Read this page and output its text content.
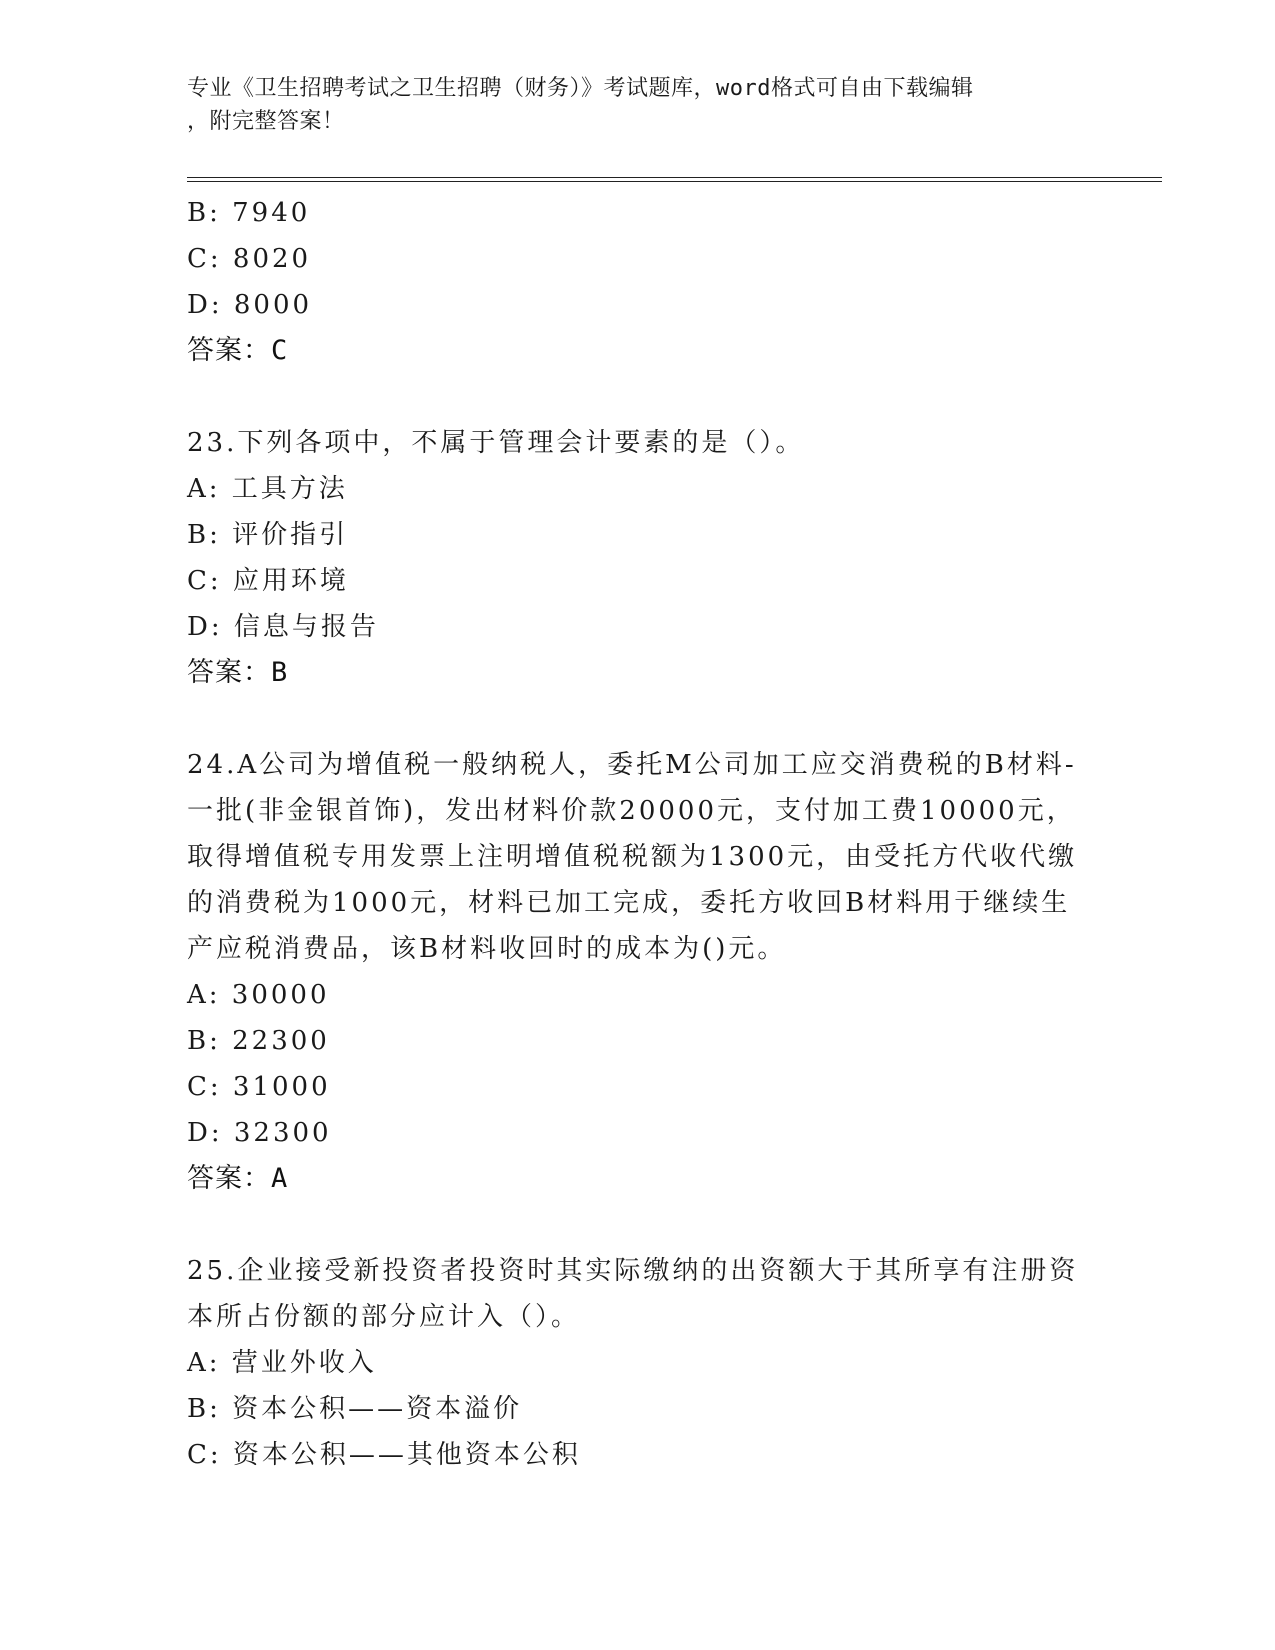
专业《卫生招聘考试之卫生招聘（财务）》考试题库，word格式可自由下载编辑
，附完整答案！
B: 7940
C: 8020
D: 8000
答案：C
23.下列各项中，不属于管理会计要素的是（）。
A: 工具方法
B: 评价指引
C: 应用环境
D: 信息与报告
答案：B
24.A公司为增值税一般纳税人，委托M公司加工应交消费税的B材料-
一批(非金银首饰)，发出材料价款20000元，支付加工费10000元，
取得增值税专用发票上注明增值税税额为1300元，由受托方代收代缴
的消费税为1000元，材料已加工完成，委托方收回B材料用于继续生
产应税消费品，该B材料收回时的成本为()元。
A: 30000
B: 22300
C: 31000
D: 32300
答案：A
25.企业接受新投资者投资时其实际缴纳的出资额大于其所享有注册资
本所占份额的部分应计入（）。
A: 营业外收入
B: 资本公积——资本溢价
C: 资本公积——其他资本公积
